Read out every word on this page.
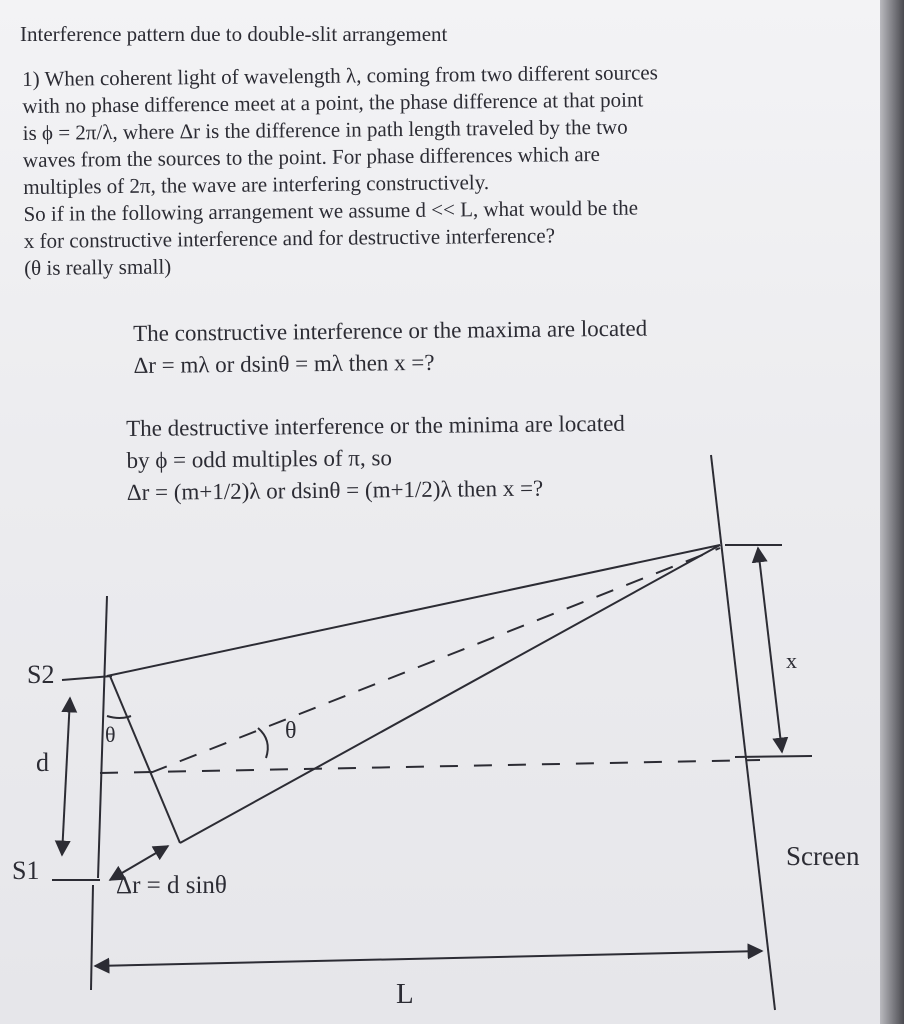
Interference pattern due to double-slit arrangement
1) When coherent light of wavelength λ, coming from two different sources
with no phase difference meet at a point, the phase difference at that point
is ϕ = 2π/λ, where Δr is the difference in path length traveled by the two
waves from the sources to the point. For phase differences which are
multiples of 2π, the wave are interfering constructively.
So if in the following arrangement we assume d << L, what would be the
x for constructive interference and for destructive interference?
(θ is really small)
The constructive interference or the maxima are located
Δr = mλ or dsinθ = mλ then x =?
The destructive interference or the minima are located
by ϕ = odd multiples of π, so
Δr = (m+1/2)λ or dsinθ = (m+1/2)λ then x =?
S2
d
S1
θ	θ
Δr = d sinθ
x
Screen
L
